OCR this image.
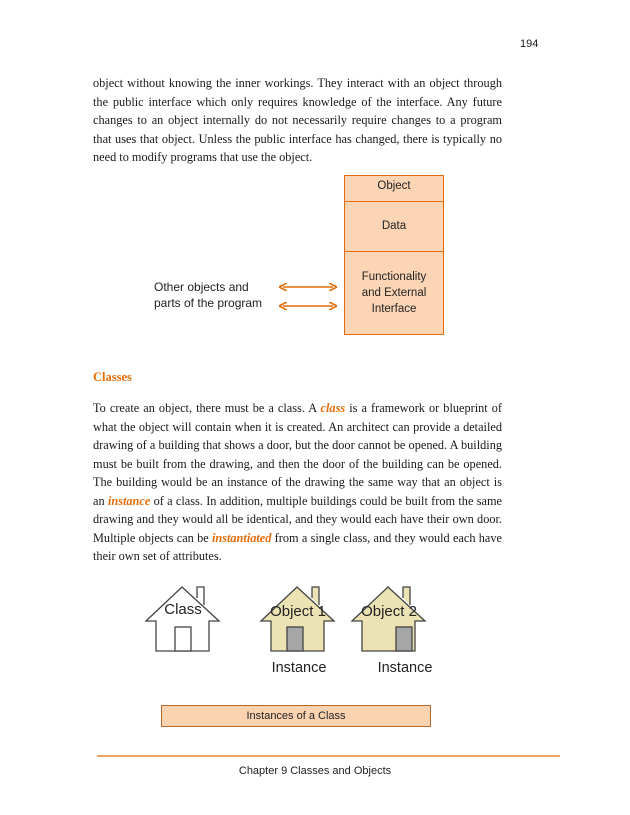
194

object without knowing the inner workings. They interact with an object through the public interface which only requires knowledge of the interface. Any future changes to an object internally do not necessarily require changes to a program that uses that object. Unless the public interface has changed, there is typically no need to modify programs that use the object.

Object
Data
Functionality
and External
Interface
Other objects and
parts of the program
Classes

To create an object, there must be a class. A class is a framework or blueprint of what the object will contain when it is created. An architect can provide a detailed drawing of a building that shows a door, but the door cannot be opened. A building must be built from the drawing, and then the door of the building can be opened. The building would be an instance of the drawing the same way that an object is an instance of a class. In addition, multiple buildings could be built from the same drawing and they would all be identical, and they would each have their own door. Multiple objects can be instantiated from a single class, and they would each have their own set of attributes.

Class	Object 1 Object 2
Instance	Instance
Instances of a Class
Chapter 9 Classes and Objects
